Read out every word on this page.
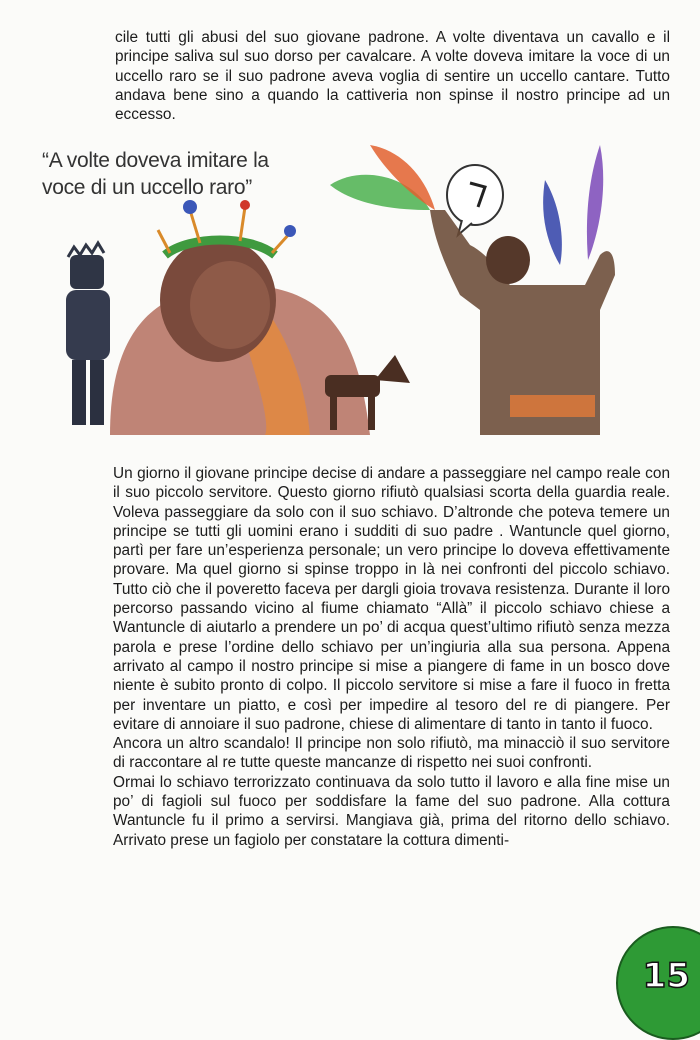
cile tutti gli abusi del suo giovane padrone. A volte diventava un cavallo e il principe saliva sul suo dorso per cavalcare. A volte doveva imitare la voce di un uccello raro se il suo padrone aveva voglia di sentire un uccello cantare. Tutto andava bene sino a quando la cattiveria non spinse il nostro principe ad un eccesso.

“A volte doveva imitare la voce di un uccello raro”

Un giorno il giovane principe decise di andare a passeggiare nel campo reale con il suo piccolo servitore. Questo giorno rifiutò qualsiasi scorta della guardia reale. Voleva passeggiare da solo con il suo schiavo. D’altronde che poteva temere un principe se tutti gli uomini erano i sudditi di suo padre . Wantuncle quel giorno, partì per fare un’esperienza personale; un vero principe lo doveva effettivamente provare. Ma quel giorno si spinse troppo in là nei confronti del piccolo schiavo. Tutto ciò che il poveretto faceva per dargli gioia trovava resistenza. Durante il loro percorso passando vicino al fiume chiamato “Allà” il piccolo schiavo chiese a Wantuncle di aiutarlo a prendere un po’ di acqua quest’ultimo rifiutò senza mezza parola e prese l’ordine dello schiavo per un’ingiuria alla sua persona. Appena arrivato al campo il nostro principe si mise a piangere di fame in un bosco dove niente è subito pronto di colpo. Il piccolo servitore si mise a fare il fuoco in fretta per inventare un piatto, e così per impedire al tesoro del re di piangere. Per evitare di annoiare il suo padrone, chiese di alimentare di tanto in tanto il fuoco.

Ancora un altro scandalo! Il principe non solo rifiutò, ma minacciò il suo servitore di raccontare al re tutte queste mancanze di rispetto nei suoi confronti.

Ormai lo schiavo terrorizzato continuava da solo tutto il lavoro e alla fine mise un po’ di fagioli sul fuoco per soddisfare la fame del suo padrone. Alla cottura Wantuncle fu il primo a servirsi. Mangiava già, prima del ritorno dello schiavo. Arrivato prese un fagiolo per constatare la cottura dimenti-

15
